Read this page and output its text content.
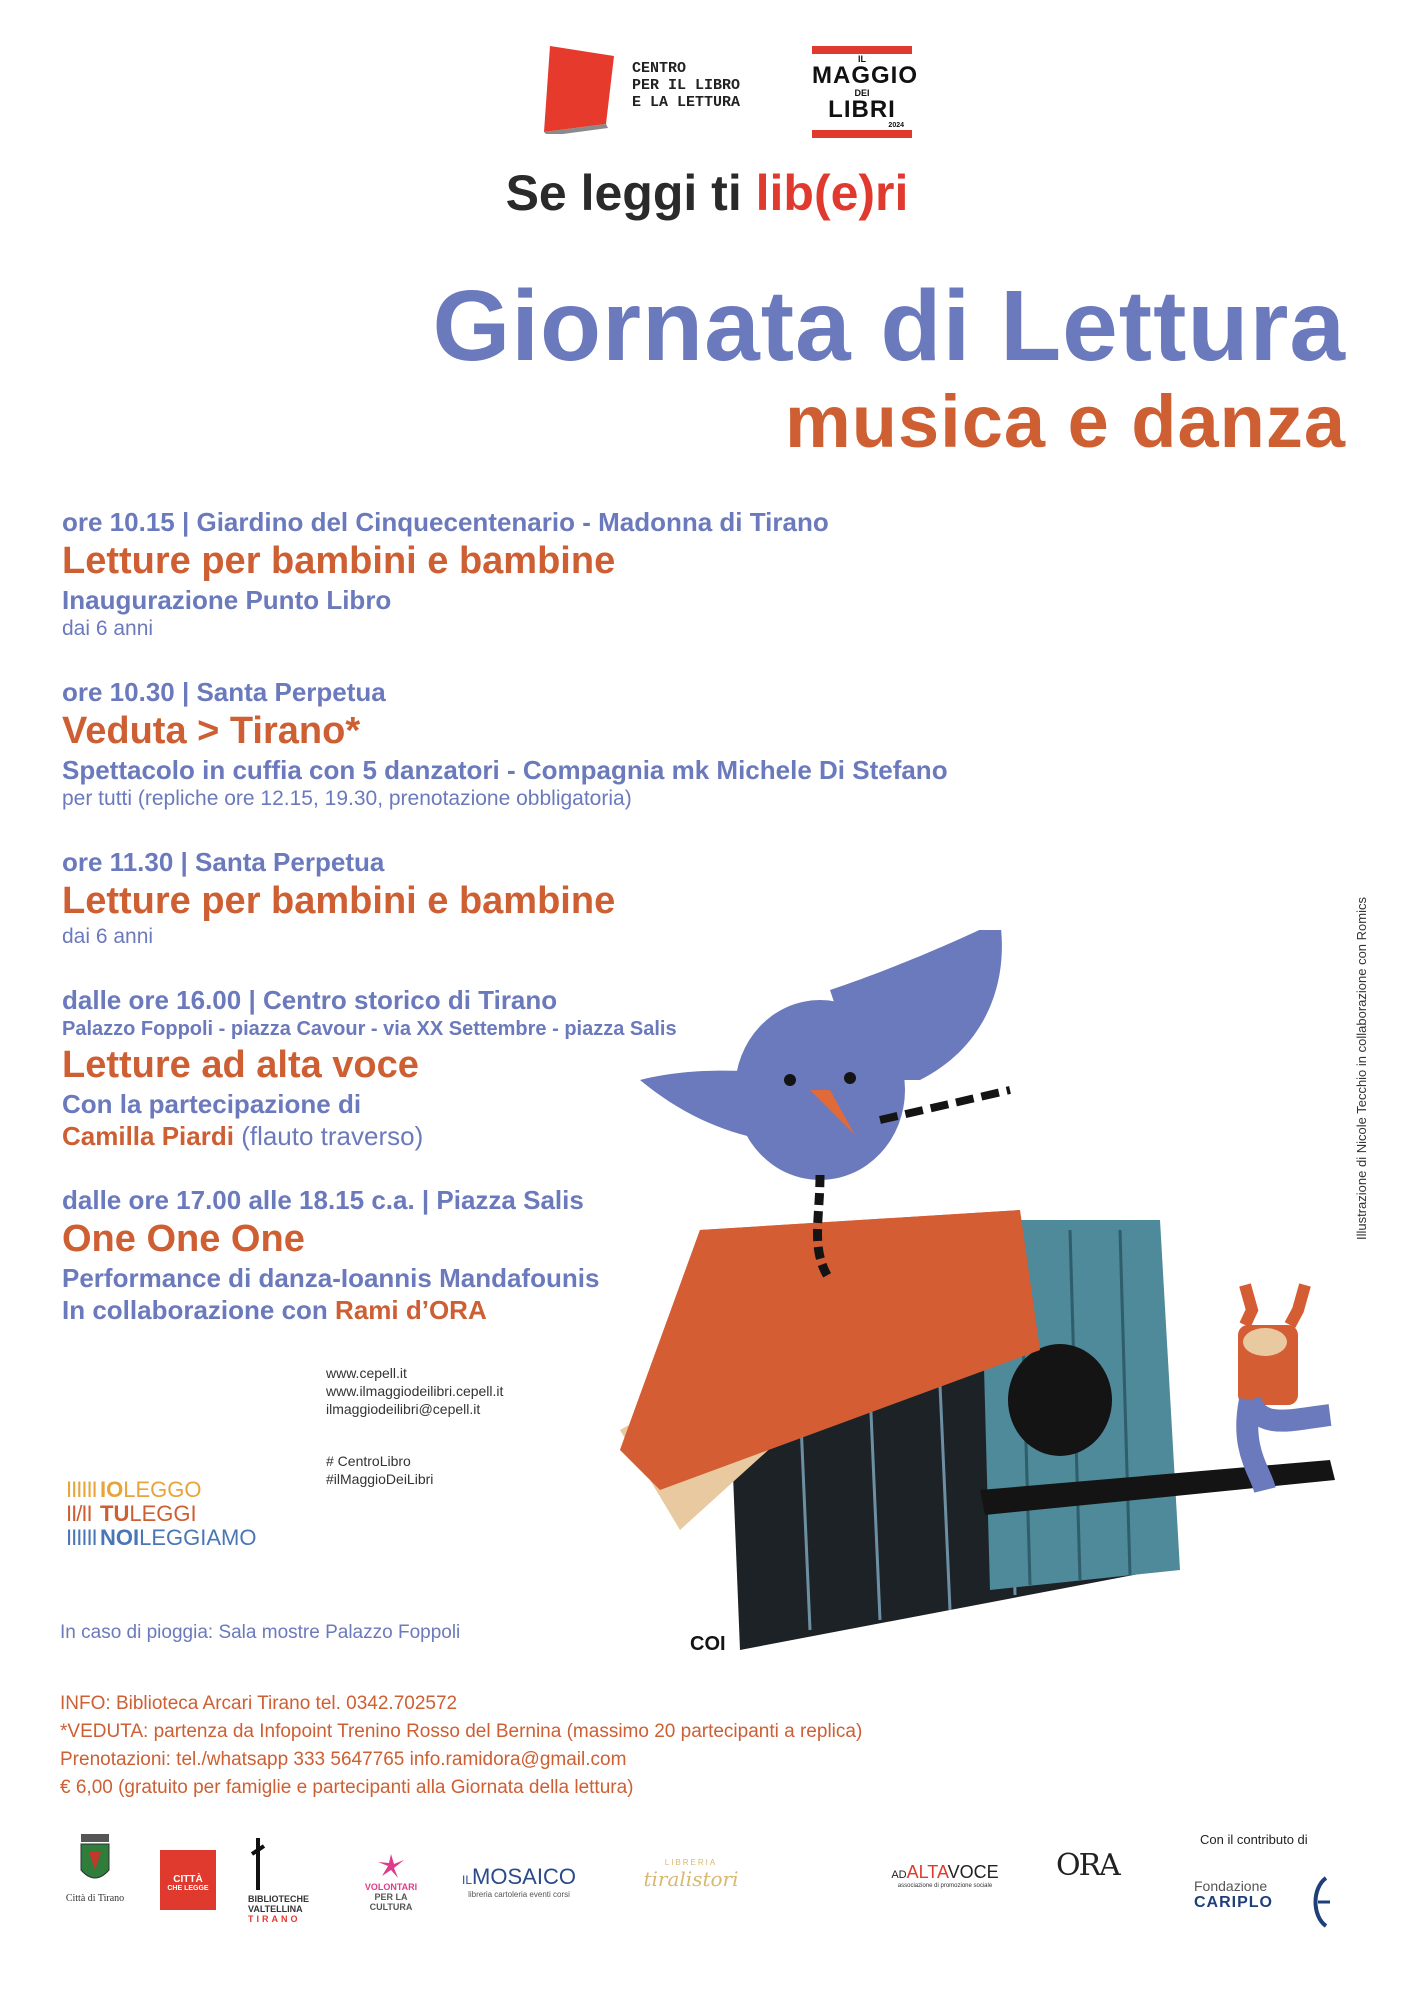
CENTRO
PER IL LIBRO
E LA LETTURA
IL
MAGGIO
DEI
LIBRI
2024
Se leggi ti lib(e)ri
Giornata di Lettura
musica e danza
COI
ore 10.15 | Giardino del Cinquecentenario - Madonna di Tirano
Letture per bambini e bambine
Inaugurazione Punto Libro
dai 6 anni
ore 10.30 | Santa Perpetua
Veduta > Tirano*
Spettacolo in cuffia con 5 danzatori - Compagnia mk Michele Di Stefano
per tutti (repliche ore 12.15, 19.30, prenotazione obbligatoria)
ore 11.30 | Santa Perpetua
Letture per bambini e bambine
dai 6 anni
dalle ore 16.00 | Centro storico di Tirano
Palazzo Foppoli - piazza Cavour - via XX Settembre - piazza Salis
Letture ad alta voce
Con la partecipazione di
Camilla Piardi (flauto traverso)
dalle ore 17.00 alle 18.15 c.a. | Piazza Salis
One One One
Performance di danza-Ioannis Mandafounis
In collaborazione con Rami d’ORA
www.cepell.it
www.ilmaggiodeilibri.cepell.it
ilmaggiodeilibri@cepell.it
# CentroLibro
#ilMaggioDeiLibri
IIIIII IOLEGGO
II/II TULEGGI
IIIIII NOILEGGIAMO
In caso di pioggia: Sala mostre Palazzo Foppoli
INFO: Biblioteca Arcari Tirano tel. 0342.702572
*VEDUTA: partenza da Infopoint Trenino Rosso del Bernina (massimo 20 partecipanti a replica)
Prenotazioni: tel./whatsapp 333 5647765 info.ramidora@gmail.com
€ 6,00 (gratuito per famiglie e partecipanti alla Giornata della lettura)
Illustrazione di Nicole Tecchio in collaborazione con Romics
Con il contributo di
Città di Tirano
CITTÀ
CHE LEGGE
BIBLIOTECHE
VALTELLINA
TIRANO
VOLONTARI
PER LA CULTURA
ILMOSAICO
libreria cartoleria eventi corsi
LIBRERIA
tiralistori	ADALTAVOCE
associazione di promozione sociale
ORA
Fondazione
CARIPLO
